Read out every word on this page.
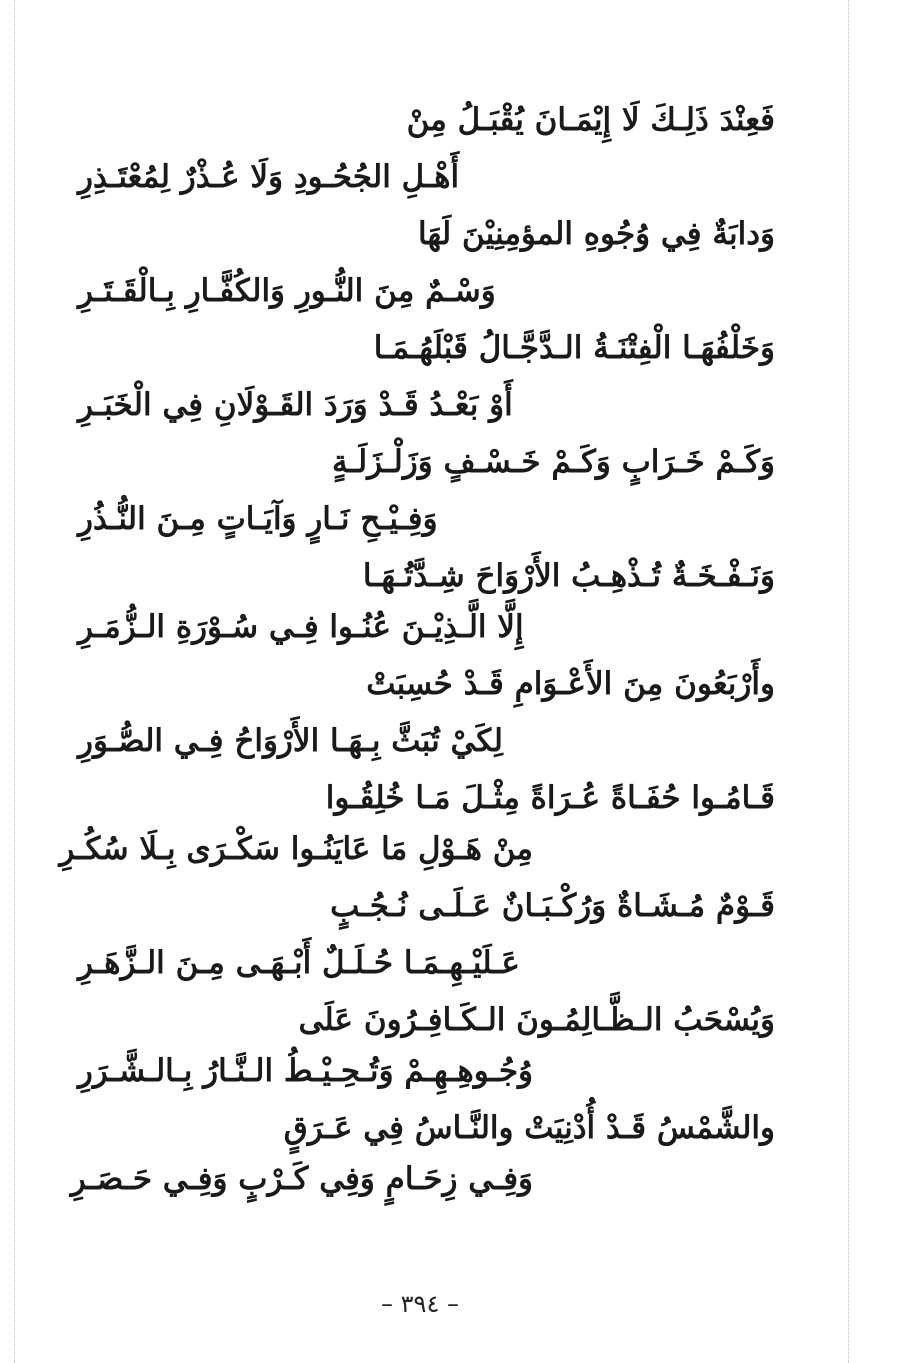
فَعِنْدَ ذَلِـكَ لَا إِيْمَـانَ يُقْبَـلُ مِنْ
أَهْـلِ الجُحُـودِ وَلَا عُـذْرٌ لِمُعْتَـذِرِ
وَدابَةٌ فِي وُجُوهِ المؤمِنِيْنَ لَهَا
وَسْـمٌ مِنَ النُّـورِ وَالكُفَّـارِ بِـالْقَـتَـرِ
وَخَلْفُهَـا الْفِتْنَـةُ الـدَّجَّـالُ قَبْلَهُـمَـا
أَوْ بَعْـدُ قَـدْ وَرَدَ القَـوْلَانِ فِي الْخَبَـرِ
وَكَـمْ خَـرَابٍ وَكَـمْ خَـسْـفٍ وَزَلْـزَلَـةٍ
وَفِـيْـحِ نَـارٍ وَآيَـاتٍ مِـنَ النُّـذُرِ
وَنَـفْـخَـةٌ تُـذْهِـبُ الأَرْوَاحَ شِـدَّتُـهَـا
إِلَّا الَّـذِيْـنَ عُنُـوا فِـي سُـوْرَةِ الـزُّمَـرِ
وأَرْبَعُونَ مِنَ الأَعْـوَامِ قَـدْ حُسِبَتْ
لِكَيْ تُبَثَّ بِـهَـا الأَرْوَاحُ فِـي الصُّـوَرِ
قَـامُـوا حُفَـاةً عُـرَاةً مِثْـلَ مَـا خُلِقُـوا
مِنْ هَـوْلِ مَا عَايَنُـوا سَكْـرَى بِـلَا سُكُـرِ
قَـوْمٌ مُـشَـاةٌ وَرُكْـبَـانٌ عَـلَـى نُـجُـبٍ
عَـلَيْـهِـمَـا حُـلَـلٌ أَبْـهَـى مِـنَ الـزَّهَـرِ
وَيُسْحَبُ الـظَّـالِمُـونَ الـكَـافِـرُونَ عَلَى
وُجُـوهِـهِـمْ وَتُـحِـيْـطُ الـنَّـارُ بِـالـشَّـرَرِ
والشَّمْسُ قَـدْ أُدْنِيَتْ والنَّـاسُ فِي عَـرَقٍ
وَفِـي زِحَـامٍ وَفِي كَـرْبٍ وَفِـي حَـصَـرِ
– ٣٩٤ –
